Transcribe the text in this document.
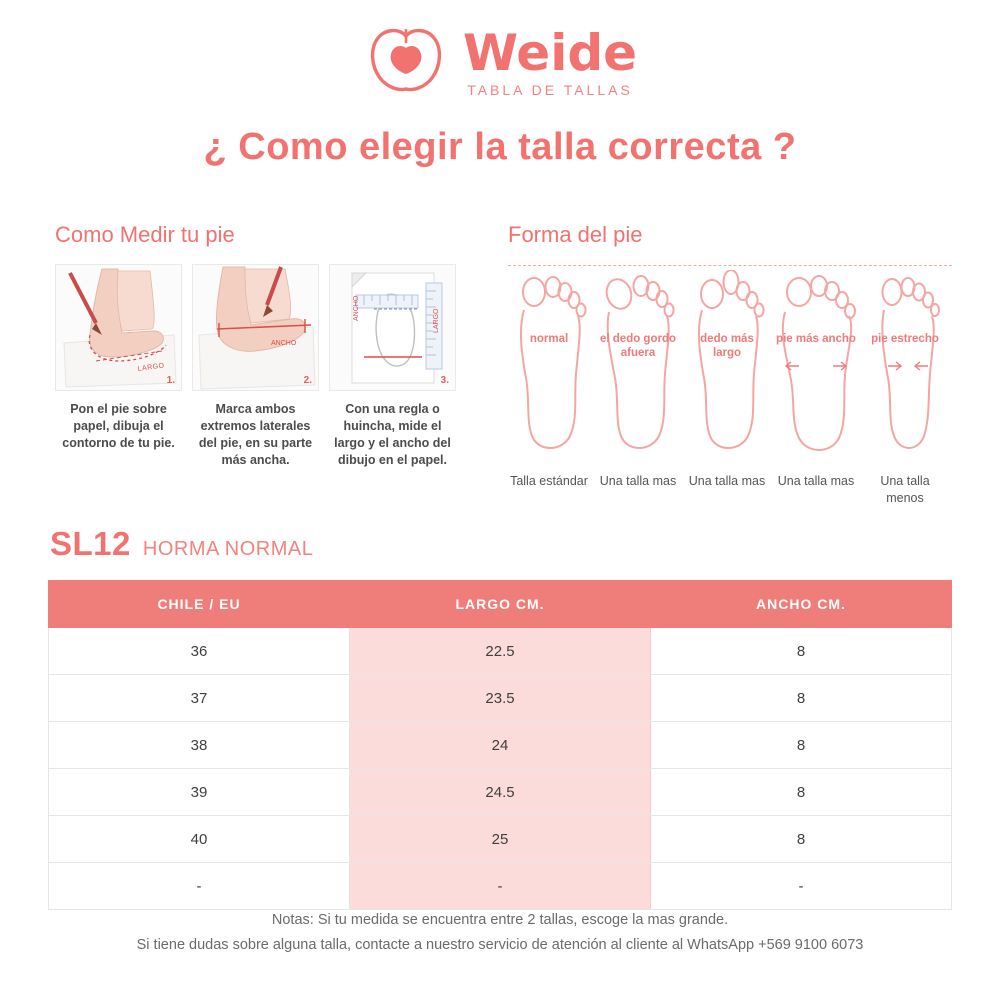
Weide
TABLA DE TALLAS
¿ Como elegir la talla correcta ?
Como Medir tu pie
LARGO
1.
Pon el pie sobre papel, dibuja el contorno de tu pie.
ANCHO
2.
Marca ambos extremos laterales del pie, en su parte más ancha.
LARGO
ANCHO
3.
Con una regla o huincha, mide el largo y el ancho del dibujo en el papel.
Forma del pie
normal
Talla estándar
el dedo gordo afuera
Una talla mas
dedo más largo
Una talla mas
pie más ancho
Una talla mas
pie estrecho
Una talla menos
SL12 HORMA NORMAL
CHILE / EU	LARGO CM.	ANCHO CM.
36	22.5	8
37	23.5	8
38	24	8
39	24.5	8
40	25	8
-	-	-
Notas: Si tu medida se encuentra entre 2 tallas, escoge la mas grande.
Si tiene dudas sobre alguna talla, contacte a nuestro servicio de atención al cliente al WhatsApp +569 9100 6073
